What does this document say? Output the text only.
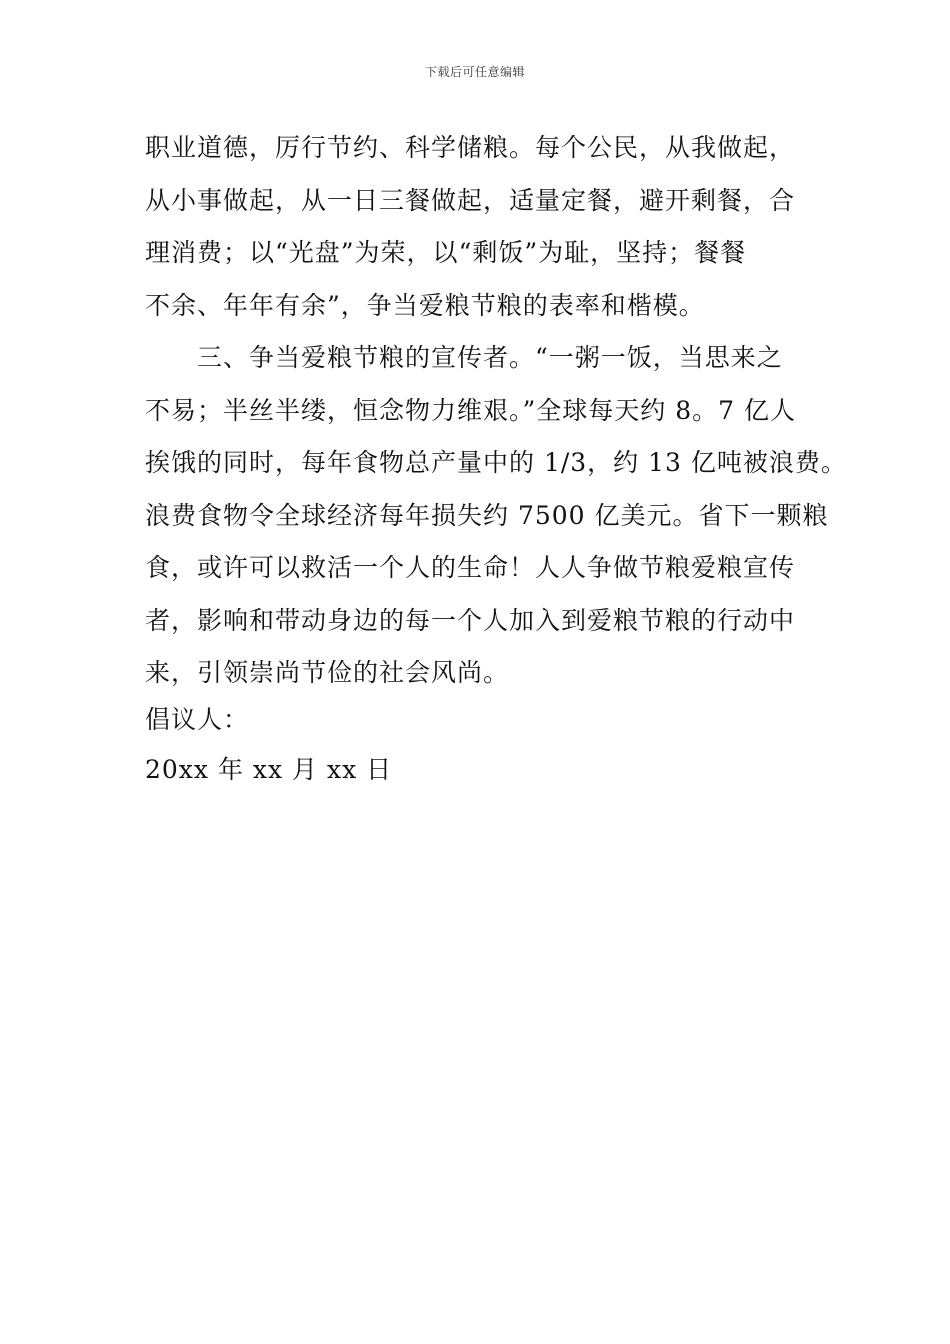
下载后可任意编辑
职业道德，厉行节约、科学储粮。每个公民，从我做起，
从小事做起，从一日三餐做起，适量定餐，避开剩餐，合
理消费；以“光盘”为荣，以“剩饭”为耻，坚持；餐餐
不余、年年有余”，争当爱粮节粮的表率和楷模。
三、争当爱粮节粮的宣传者。“一粥一饭，当思来之
不易；半丝半缕，恒念物力维艰。”全球每天约 8。7 亿人
挨饿的同时，每年食物总产量中的 1/3，约 13 亿吨被浪费。
浪费食物令全球经济每年损失约 7500 亿美元。省下一颗粮
食，或许可以救活一个人的生命！人人争做节粮爱粮宣传
者，影响和带动身边的每一个人加入到爱粮节粮的行动中
来，引领崇尚节俭的社会风尚。
倡议人：
20xx 年 xx 月 xx 日
